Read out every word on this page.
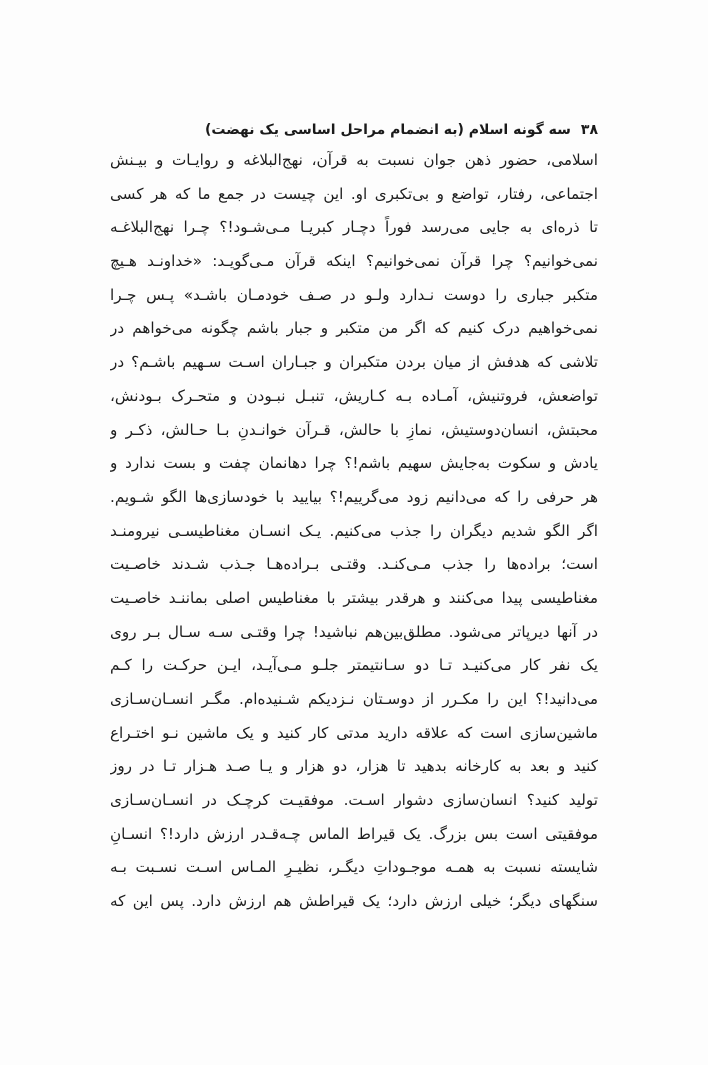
۳۸سه گونه اسلام (به انضمام مراحل اساسی یک نهضت)
اسلامی، حضور ذهن جوان نسبت به قرآن، نهج‌البلاغه و روایـات و بیـنش
اجتماعی، رفتار، تواضع و بی‌تکبری او. این چیست در جمع ما که هر کسی
تا ذره‌ای به جایی می‌رسد فوراً دچـار کبریـا مـی‌شـود!؟ چـرا نهج‌البلاغـه
نمی‌خوانیم؟ چرا قرآن نمی‌خوانیم؟ اینکه قرآن مـی‌گویـد: «خداونـد هـیچ
متکبر جباری را دوست نـدارد ولـو در صـف خودمـان باشـد» پـس چـرا
نمی‌خواهیم درک کنیم که اگر من متکبر و جبار باشم چگونه می‌خواهم در
تلاشی که هدفش از میان بردن متکبران و جبـاران اسـت سـهیم باشـم؟ در
تواضعش، فروتنیش، آمـاده بـه کـاریش، تنبـل نبـودن و متحـرک بـودنش،
محبتش، انسان‌دوستیش، نمازِ با حالش، قـرآن خوانـدنِ بـا حـالش، ذکـر و
یادش و سکوت به‌جایش سهیم باشم!؟ چرا دهانمان چفت و بست ندارد و
هر حرفی را که می‌دانیم زود می‌گرییم!؟ بیایید با خودسازی‌ها الگو شـویم.
اگر الگو شدیم دیگران را جذب می‌کنیم. یـک انسـان مغناطیسـی نیرومنـد
است؛ براده‌ها را جذب مـی‌کنـد. وقتـی بـراده‌هـا جـذب شـدند خاصـیت
مغناطیسی پیدا می‌کنند و هرقدر بیشتر با مغناطیس اصلی بماننـد خاصـیت
در آنها دیرپاتر می‌شود. مطلق‌بین‌هم نباشید! چرا وقتـی سـه سـال بـر روی
یک نفر کار می‌کنیـد تـا دو سـانتیمتر جلـو مـی‌آیـد، ایـن حرکـت را کـم
می‌دانید!؟ این را مکـرر از دوسـتان نـزدیکم شـنیده‌ام. مگـر انسـان‌سـازی
ماشین‌سازی است که علاقه دارید مدتی کار کنید و یک ماشین نـو اختـراع
کنید و بعد به کارخانه بدهید تا هزار، دو هزار و یـا صـد هـزار تـا در روز
تولید کنید؟ انسان‌سازی دشوار اسـت. موفقیـت کرچـک در انسـان‌سـازی
موفقیتی است بس بزرگ. یک قیراط الماس چـه‌قـدر ارزش دارد!؟ انسـانِ
شایسته نسبت به همـه موجـوداتِ دیگـر، نظیـرِ المـاس اسـت نسـبت بـه
سنگهای دیگر؛ خیلی ارزش دارد؛ یک قیراطش هم ارزش دارد. پس این که
